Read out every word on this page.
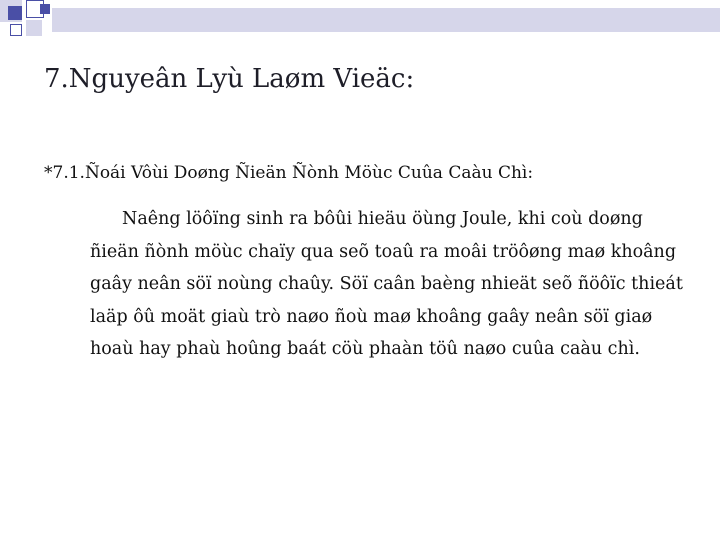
7.Nguyeân Lyù Laøm Vieäc:
*7.1.Ñoái Vôùi Doøng Ñieän Ñònh Möùc Cuûa Caàu Chì:
Naêng löôïng sinh ra bôûi hieäu öùng Joule, khi coù doøng ñieän ñònh möùc chaïy qua seõ toaû ra moâi tröôøng maø khoâng gaây neân söï noùng chaûy. Söï caân baèng nhieät seõ ñöôïc thieát laäp ôû moät giaù trò naøo ñoù maø khoâng gaây neân söï giaø hoaù hay phaù hoûng baát cöù phaàn töû naøo cuûa caàu chì.
